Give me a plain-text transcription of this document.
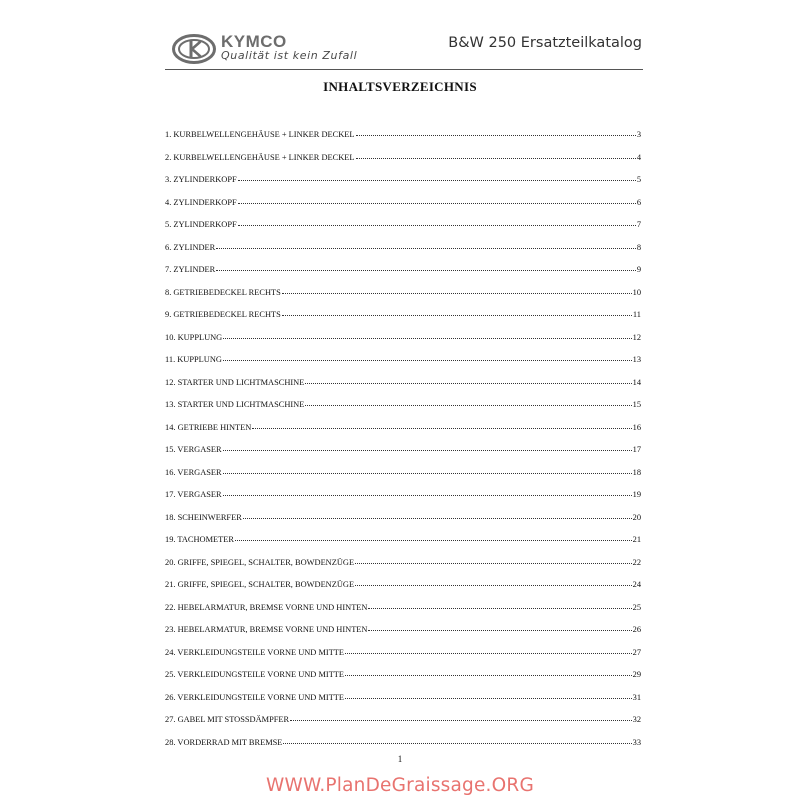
KYMCO
Qualität ist kein Zufall
B&W 250 Ersatzteilkatalog
INHALTSVERZEICHNIS
1. KURBELWELLENGEHÄUSE + LINKER DECKEL	3
2. KURBELWELLENGEHÄUSE + LINKER DECKEL	4
3. ZYLINDERKOPF	5
4. ZYLINDERKOPF	6
5. ZYLINDERKOPF	7
6. ZYLINDER	8
7. ZYLINDER	9
8. GETRIEBEDECKEL RECHTS	10
9. GETRIEBEDECKEL RECHTS	11
10. KUPPLUNG	12
11. KUPPLUNG	13
12. STARTER UND LICHTMASCHINE	14
13. STARTER UND LICHTMASCHINE	15
14. GETRIEBE HINTEN	16
15. VERGASER	17
16. VERGASER	18
17. VERGASER	19
18. SCHEINWERFER	20
19. TACHOMETER	21
20. GRIFFE, SPIEGEL, SCHALTER, BOWDENZÜGE	22
21. GRIFFE, SPIEGEL, SCHALTER, BOWDENZÜGE	24
22. HEBELARMATUR, BREMSE VORNE UND HINTEN	25
23. HEBELARMATUR, BREMSE VORNE UND HINTEN	26
24. VERKLEIDUNGSTEILE VORNE UND MITTE	27
25. VERKLEIDUNGSTEILE VORNE UND MITTE	29
26. VERKLEIDUNGSTEILE VORNE UND MITTE	31
27. GABEL MIT STOSSDÄMPFER	32
28. VORDERRAD MIT BREMSE	33
1
WWW.PlanDeGraissage.ORG
